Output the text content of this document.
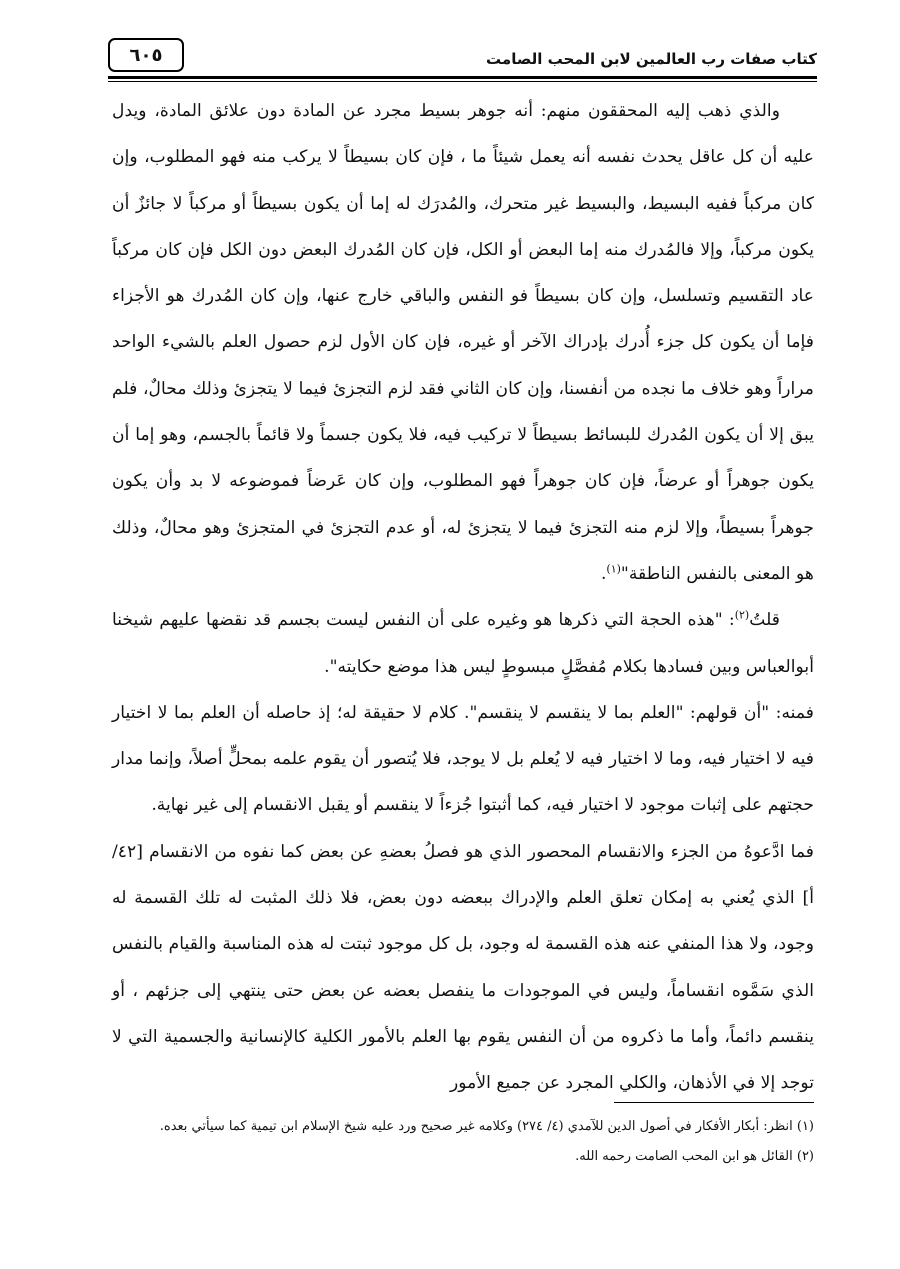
٦٠٥	كتاب صفات رب العالمين لابن المحب الصامت

والذي ذهب إليه المحققون منهم: أنه جوهر بسيط مجرد عن المادة دون علائق المادة، ويدل عليه أن كل عاقل يحدث نفسه أنه يعمل شيئاً ما ، فإن كان بسيطاً لا يركب منه فهو المطلوب، وإن كان مركباً ففيه البسيط، والبسيط غير متحرك، والمُدرَك له إما أن يكون بسيطاً أو مركباً لا جائزٌ أن يكون مركباً، وإلا فالمُدرك منه إما البعض أو الكل، فإن كان المُدرك البعض دون الكل فإن كان مركباً عاد التقسيم وتسلسل، وإن كان بسيطاً فو النفس والباقي خارج عنها، وإن كان المُدرك هو الأجزاء فإما أن يكون كل جزء أُدرك بإدراك الآخر أو غيره، فإن كان الأول لزم حصول العلم بالشيء الواحد مراراً وهو خلاف ما نجده من أنفسنا، وإن كان الثاني فقد لزم التجزئ فيما لا يتجزئ وذلك محالٌ، فلم يبق إلا أن يكون المُدرك للبسائط بسيطاً لا تركيب فيه، فلا يكون جسماً ولا قائماً بالجسم، وهو إما أن يكون جوهراً أو عرضاً، فإن كان جوهراً فهو المطلوب، وإن كان عَرضاً فموضوعه لا بد وأن يكون جوهراً بسيطاً، وإلا لزم منه التجزئ فيما لا يتجزئ له، أو عدم التجزئ في المتجزئ وهو محالٌ، وذلك هو المعنى بالنفس الناطقة"$^{(١)}$.

قلتُ$^{(٢)}$: "هذه الحجة التي ذكرها هو وغيره على أن النفس ليست بجسم قد نقضها عليهم شيخنا أبوالعباس وبين فسادها بكلام مُفصَّلٍ مبسوطٍ ليس هذا موضع حكايته".

فمنه: "أن قولهم: "العلم بما لا ينقسم لا ينقسم". كلام لا حقيقة له؛ إذ حاصله أن العلم بما لا اختيار فيه لا اختيار فيه، وما لا اختيار فيه لا يُعلم بل لا يوجد، فلا يُتصور أن يقوم علمه بمحلٍّ أصلاً، وإنما مدار حجتهم على إثبات موجود لا اختيار فيه، كما أثبتوا جُزءاً لا ينقسم أو يقبل الانقسام إلى غير نهاية.

فما ادَّعوهُ من الجزء والانقسام المحصور الذي هو فصلُ بعضهِ عن بعض كما نفوه من الانقسام [٤٢/أ] الذي يُعني به إمكان تعلق العلم والإدراك ببعضه دون بعض، فلا ذلك المثبت له تلك القسمة له وجود، ولا هذا المنفي عنه هذه القسمة له وجود، بل كل موجود ثبتت له هذه المناسبة والقيام بالنفس الذي سَمَّوه انقساماً، وليس في الموجودات ما ينفصل بعضه عن بعض حتى ينتهي إلى جزئهم ، أو ينقسم دائماً، وأما ما ذكروه من أن النفس يقوم بها العلم بالأمور الكلية كالإنسانية والجسمية التي لا توجد إلا في الأذهان، والكلي المجرد عن جميع الأمور

(١) انظر: أبكار الأفكار في أصول الدين للآمدي (٤/ ٢٧٤) وكلامه غير صحيح ورد عليه شيخ الإسلام ابن تيمية كما سيأتي بعده.

(٢) القائل هو ابن المحب الصامت رحمه الله.
